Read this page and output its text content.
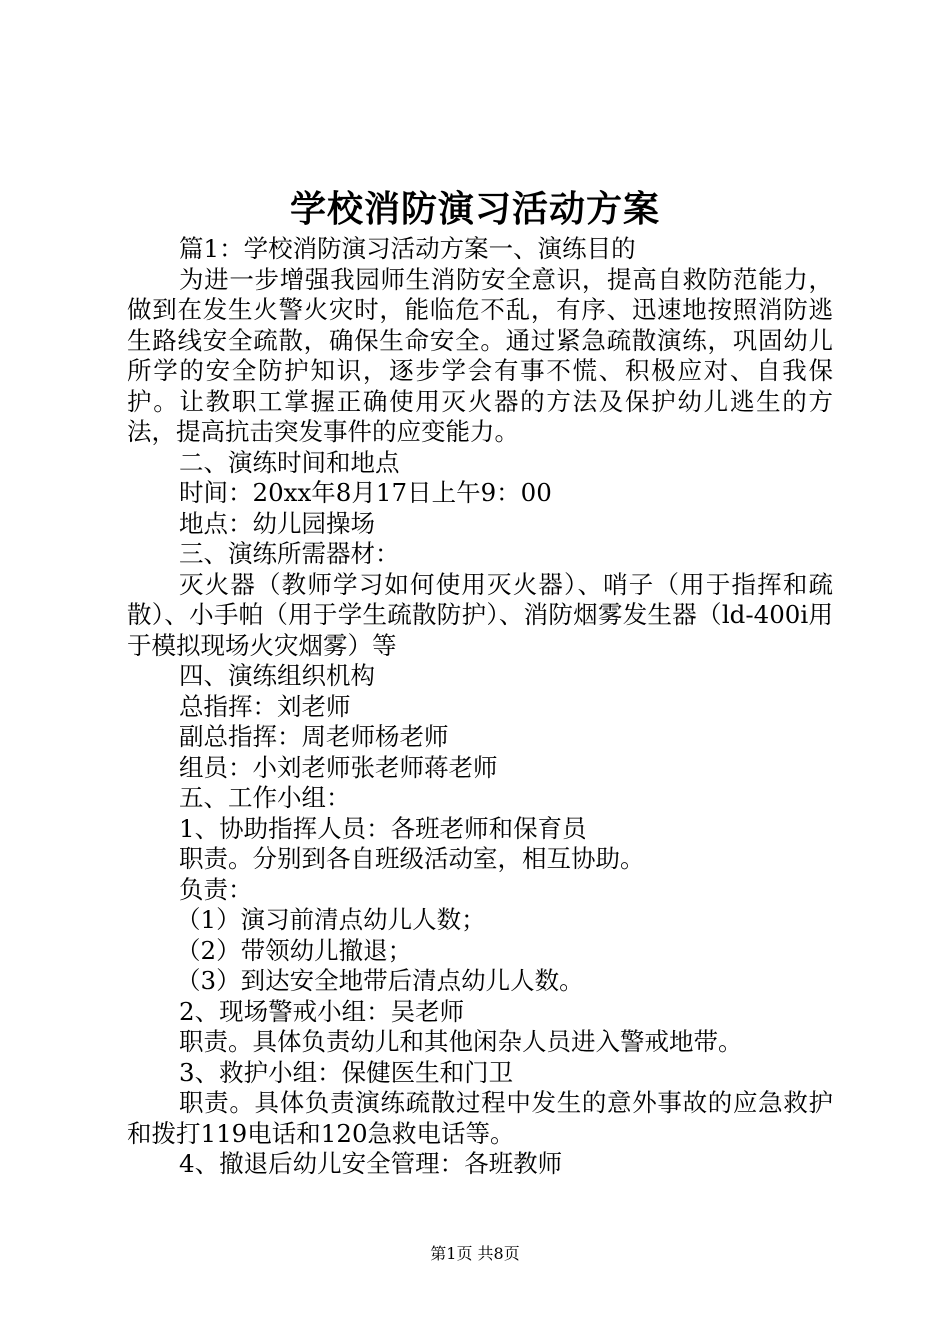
学校消防演习活动方案

篇1：学校消防演习活动方案一、演练目的

为进一步增强我园师生消防安全意识，提高自救防范能力，做到在发生火警火灾时，能临危不乱，有序、迅速地按照消防逃生路线安全疏散，确保生命安全。通过紧急疏散演练，巩固幼儿所学的安全防护知识，逐步学会有事不慌、积极应对、自我保护。让教职工掌握正确使用灭火器的方法及保护幼儿逃生的方法，提高抗击突发事件的应变能力。

二、演练时间和地点

时间：20xx年8月17日上午9：00

地点：幼儿园操场

三、演练所需器材：

灭火器（教师学习如何使用灭火器）、哨子（用于指挥和疏散）、小手帕（用于学生疏散防护）、消防烟雾发生器（ld-400i用于模拟现场火灾烟雾）等

四、演练组织机构

总指挥：刘老师

副总指挥：周老师杨老师

组员：小刘老师张老师蒋老师

五、工作小组：

1、协助指挥人员：各班老师和保育员

职责。分别到各自班级活动室，相互协助。

负责：

（1）演习前清点幼儿人数；

（2）带领幼儿撤退；

（3）到达安全地带后清点幼儿人数。

2、现场警戒小组：吴老师

职责。具体负责幼儿和其他闲杂人员进入警戒地带。

3、救护小组：保健医生和门卫

职责。具体负责演练疏散过程中发生的意外事故的应急救护和拨打119电话和120急救电话等。

4、撤退后幼儿安全管理：各班教师

第1页 共8页
